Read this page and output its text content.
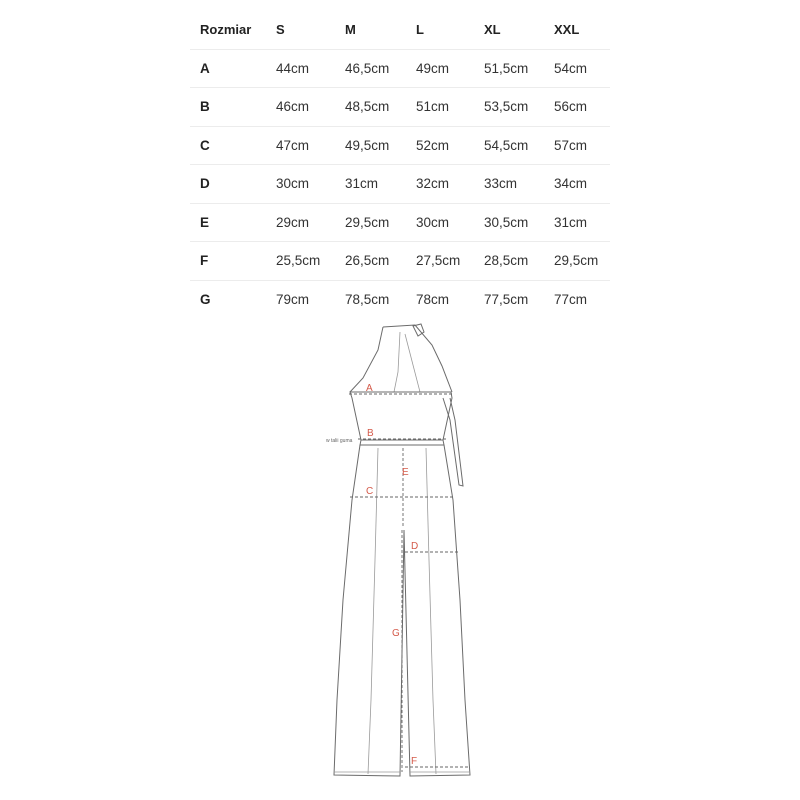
Rozmiar S	M	L	XL	XXL
A	44cm	46,5cm 49cm	51,5cm 54cm
B	46cm	48,5cm 51cm	53,5cm 56cm
C	47cm	49,5cm 52cm	54,5cm 57cm
D	30cm	31cm	32cm	33cm	34cm
E	29cm	29,5cm 30cm	30,5cm 31cm
F	25,5cm 26,5cm 27,5cm 28,5cm 29,5cm
G	79cm	78,5cm 78cm	77,5cm 77cm
A
B
w talii guma
C
E
D
G
F
